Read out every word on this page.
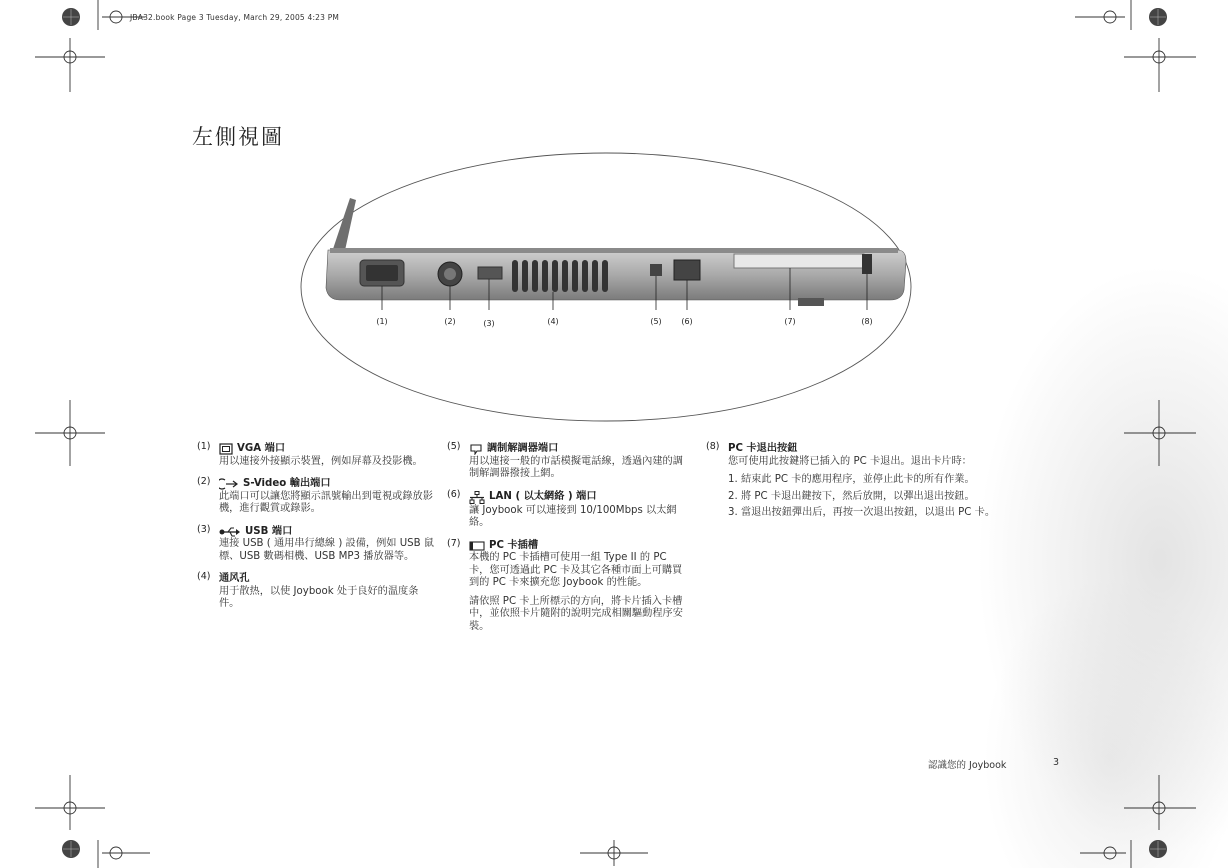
JBA32.book Page 3 Tuesday, March 29, 2005 4:23 PM
左側視圖
(1)	(2)	(3)	(4)	(5) (6)	(7)	(8)
(1)	VGA 端口
用以連接外接顯示裝置，例如屏幕及投影機。
(2)	S-Video 輸出端口
此端口可以讓您將顯示訊號輸出到電視或錄放影機，進行觀賞或錄影。
(3)	USB 端口
連接 USB ( 通用串行總線 ) 設備，例如 USB 鼠標、USB 數碼相機、USB MP3 播放器等。
(4) 通风孔
用于散热，以使 Joybook 处于良好的温度条件。
(5)	調制解調器端口
用以連接一般的市話模擬電話線，透過內建的調制解調器撥接上網。
(6)	LAN ( 以太網絡 ) 端口
讓 Joybook 可以連接到 10/100Mbps 以太網絡。
(7)	PC 卡插槽

本機的 PC 卡插槽可使用一組 Type II 的 PC 卡，您可透過此 PC 卡及其它各種市面上可購買到的 PC 卡來擴充您 Joybook 的性能。

請依照 PC 卡上所標示的方向，將卡片插入卡槽中，並依照卡片隨附的說明完成相關驅動程序安裝。

(8) PC 卡退出按鈕
您可使用此按鍵將已插入的 PC 卡退出。退出卡片時：
1. 結束此 PC 卡的應用程序，並停止此卡的所有作業。
2. 將 PC 卡退出鍵按下，然后放開，以彈出退出按鈕。
3. 當退出按鈕彈出后，再按一次退出按鈕，以退出 PC 卡。
認識您的 Joybook	3
